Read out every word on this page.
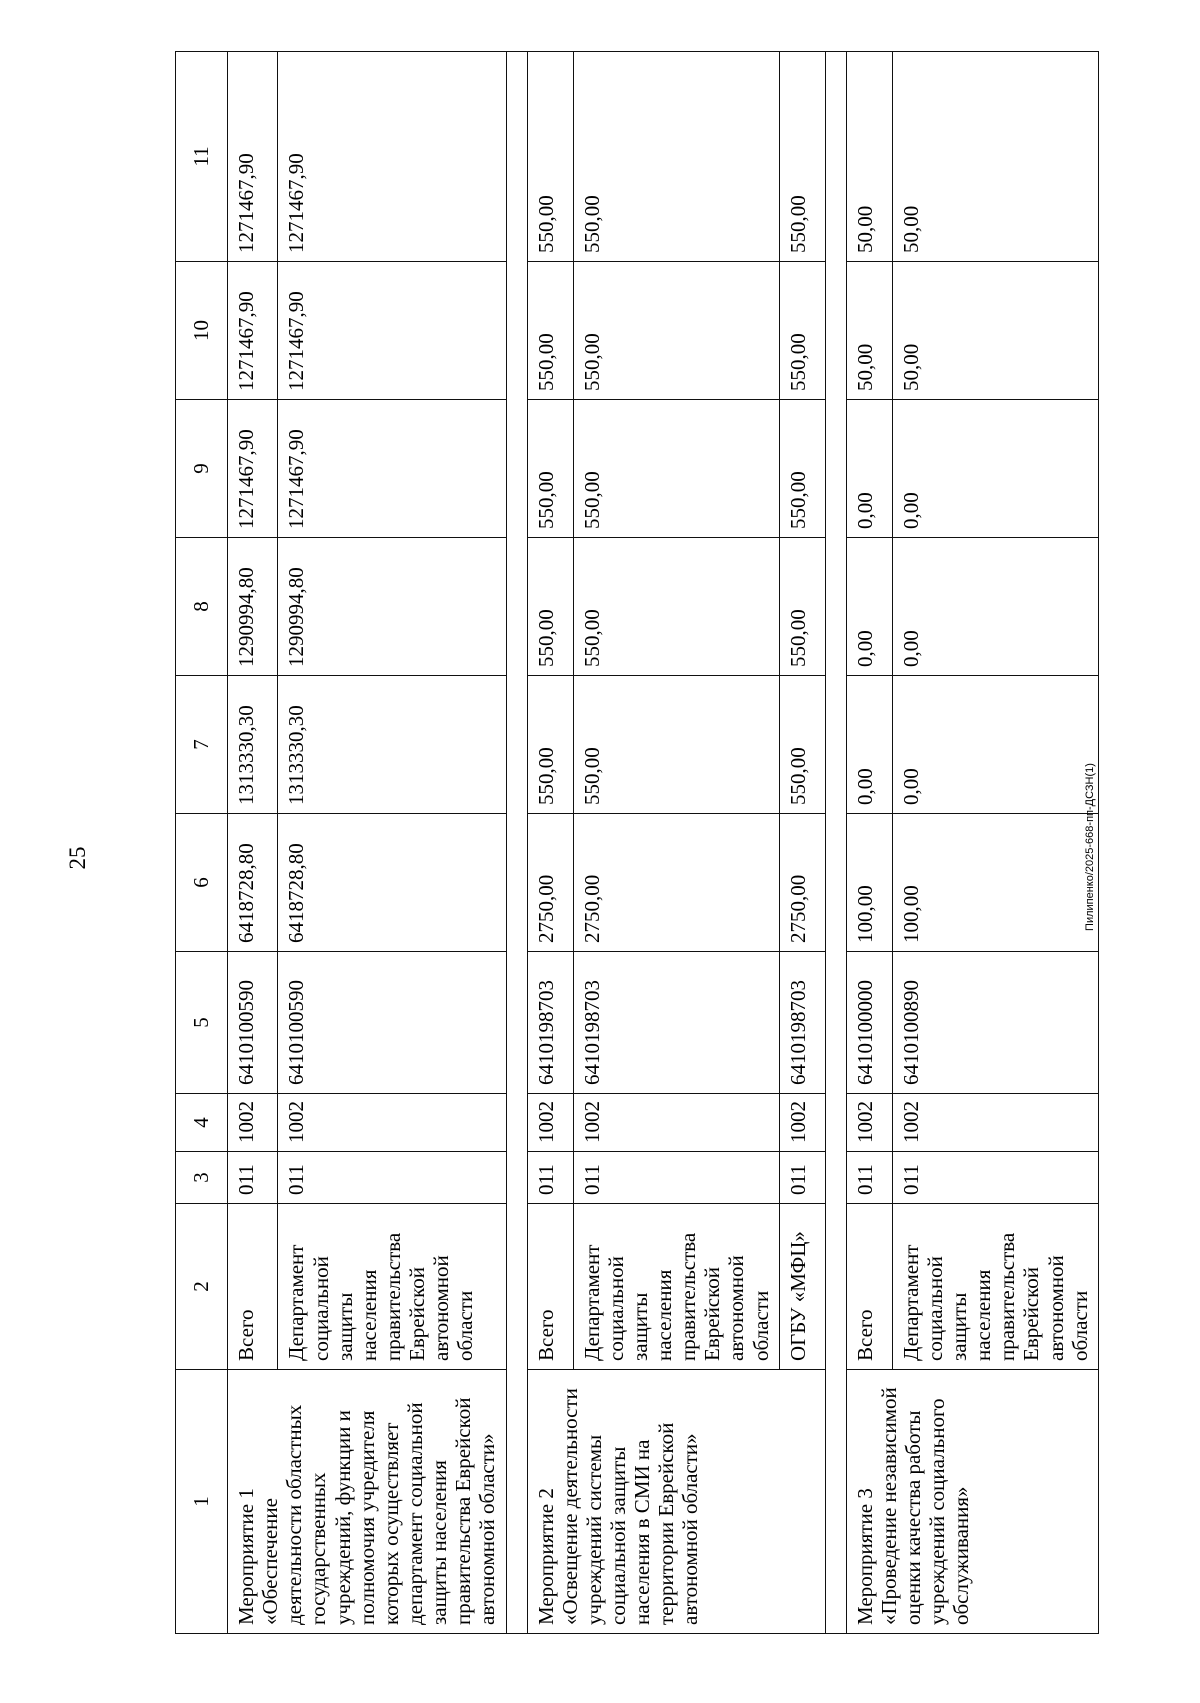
25
1	2	3	4	5	6	7	8	9	10	11
Мероприятие 1 «Обеспечение деятельности областных государственных учреждений, функции и полномочия учредителя которых осуществляет департамент социальной защиты населения правительства Еврейской автономной области»	Всего	011	1002	6410100590	6418728,80	1313330,30	1290994,80	1271467,90	1271467,90	1271467,90
	Департамент социальной защиты населения правительства Еврейской автономной области	011	1002	6410100590	6418728,80	1313330,30	1290994,80	1271467,90	1271467,90	1271467,90

Мероприятие 2 «Освещение деятельности учреждений системы социальной защиты населения в СМИ на территории Еврейской автономной области»	Всего	011	1002	6410198703	2750,00	550,00	550,00	550,00	550,00	550,00
	Департамент социальной защиты населения правительства Еврейской автономной области	011	1002	6410198703	2750,00	550,00	550,00	550,00	550,00	550,00
	ОГБУ «МФЦ»	011	1002	6410198703	2750,00	550,00	550,00	550,00	550,00	550,00

Мероприятие 3 «Проведение независимой оценки качества работы учреждений социального обслуживания»	Всего	011	1002	6410100000	100,00	0,00	0,00	0,00	50,00	50,00
	Департамент социальной защиты населения правительства Еврейской автономной области	011	1002	6410100890	100,00	0,00	0,00	0,00	50,00	50,00
Пилипенко/2025-668-пп-ДСЗН(1)
